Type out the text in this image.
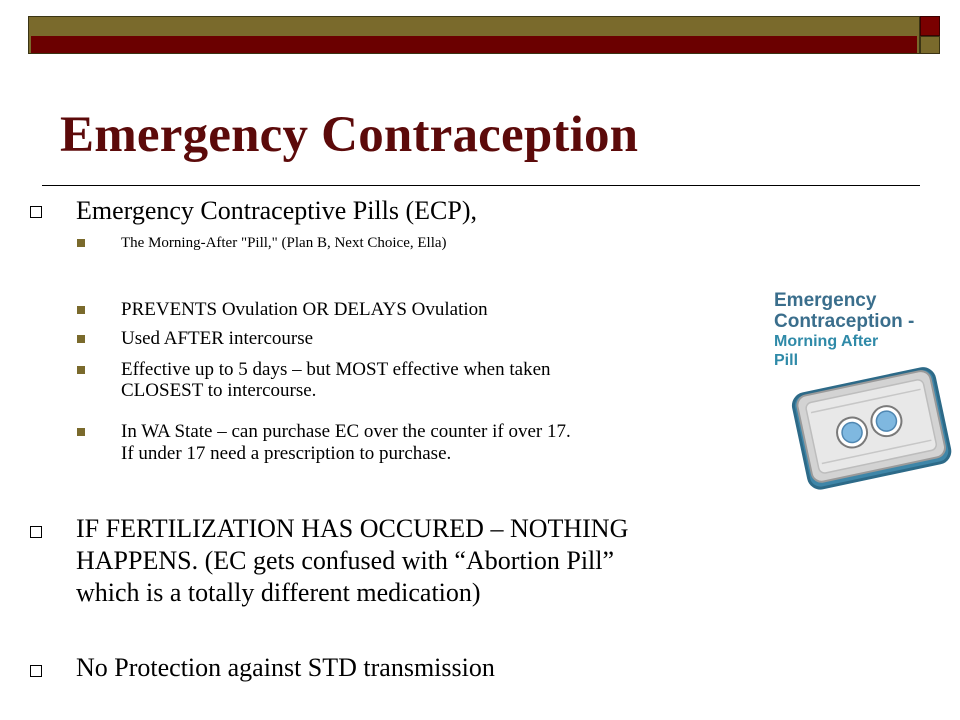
Emergency Contraception
Emergency Contraceptive Pills (ECP),
The Morning-After "Pill," (Plan B, Next Choice, Ella)
PREVENTS Ovulation OR DELAYS Ovulation
Used AFTER intercourse
Effective up to 5 days – but MOST effective when taken
CLOSEST to intercourse.
In WA State – can purchase EC over the counter if over 17.
If under 17 need a prescription to purchase.
IF FERTILIZATION HAS OCCURED – NOTHING
HAPPENS. (EC gets confused with “Abortion Pill”
which is a totally different medication)
No Protection against STD transmission
Emergency
Contraception -
Morning After
Pill
